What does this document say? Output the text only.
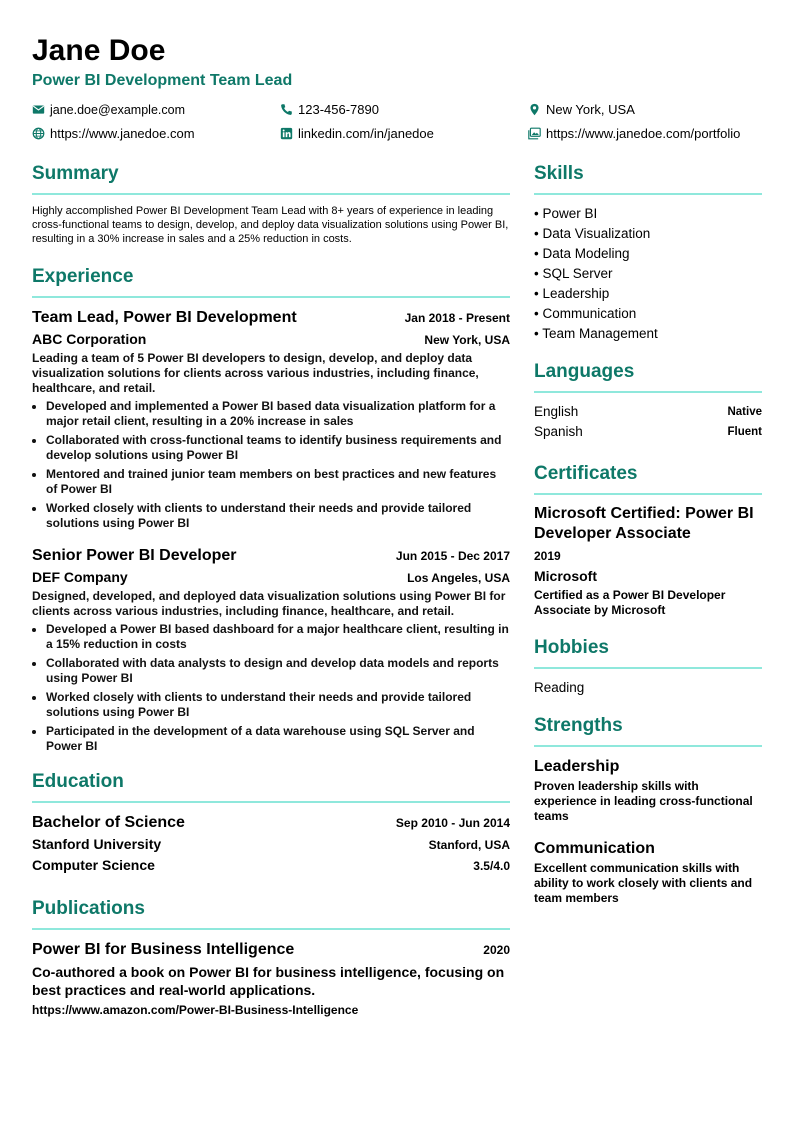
Jane Doe
Power BI Development Team Lead
jane.doe@example.com	123-456-7890	New York, USA
https://www.janedoe.com	linkedin.com/in/janedoe	https://www.janedoe.com/portfolio
Summary

Highly accomplished Power BI Development Team Lead with 8+ years of experience in leading cross-functional teams to design, develop, and deploy data visualization solutions using Power BI, resulting in a 30% increase in sales and a 25% reduction in costs.

Experience
Team Lead, Power BI Development	Jan 2018 - Present
ABC Corporation	New York, USA
Leading a team of 5 Power BI developers to design, develop, and deploy data visualization solutions for clients across various industries, including finance, healthcare, and retail.
• Developed and implemented a Power BI based data visualization platform for a major retail client, resulting in a 20% increase in sales
• Collaborated with cross-functional teams to identify business requirements and develop solutions using Power BI
• Mentored and trained junior team members on best practices and new features of Power BI
• Worked closely with clients to understand their needs and provide tailored solutions using Power BI
Senior Power BI Developer	Jun 2015 - Dec 2017
DEF Company	Los Angeles, USA
Designed, developed, and deployed data visualization solutions using Power BI for clients across various industries, including finance, healthcare, and retail.
• Developed a Power BI based dashboard for a major healthcare client, resulting in a 15% reduction in costs
• Collaborated with data analysts to design and develop data models and reports using Power BI
• Worked closely with clients to understand their needs and provide tailored solutions using Power BI
• Participated in the development of a data warehouse using SQL Server and Power BI
Education
Bachelor of Science	Sep 2010 - Jun 2014
Stanford University	Stanford, USA
Computer Science	3.5/4.0
Publications
Power BI for Business Intelligence	2020
Co-authored a book on Power BI for business intelligence, focusing on best practices and real-world applications.
https://www.amazon.com/Power-BI-Business-Intelligence
Skills
• Power BI
• Data Visualization
• Data Modeling
• SQL Server
• Leadership
• Communication
• Team Management
Languages
English	Native
Spanish	Fluent
Certificates
Microsoft Certified: Power BI Developer Associate
2019
Microsoft
Certified as a Power BI Developer Associate by Microsoft
Hobbies
Reading
Strengths
Leadership
Proven leadership skills with experience in leading cross-functional teams
Communication
Excellent communication skills with ability to work closely with clients and team members
